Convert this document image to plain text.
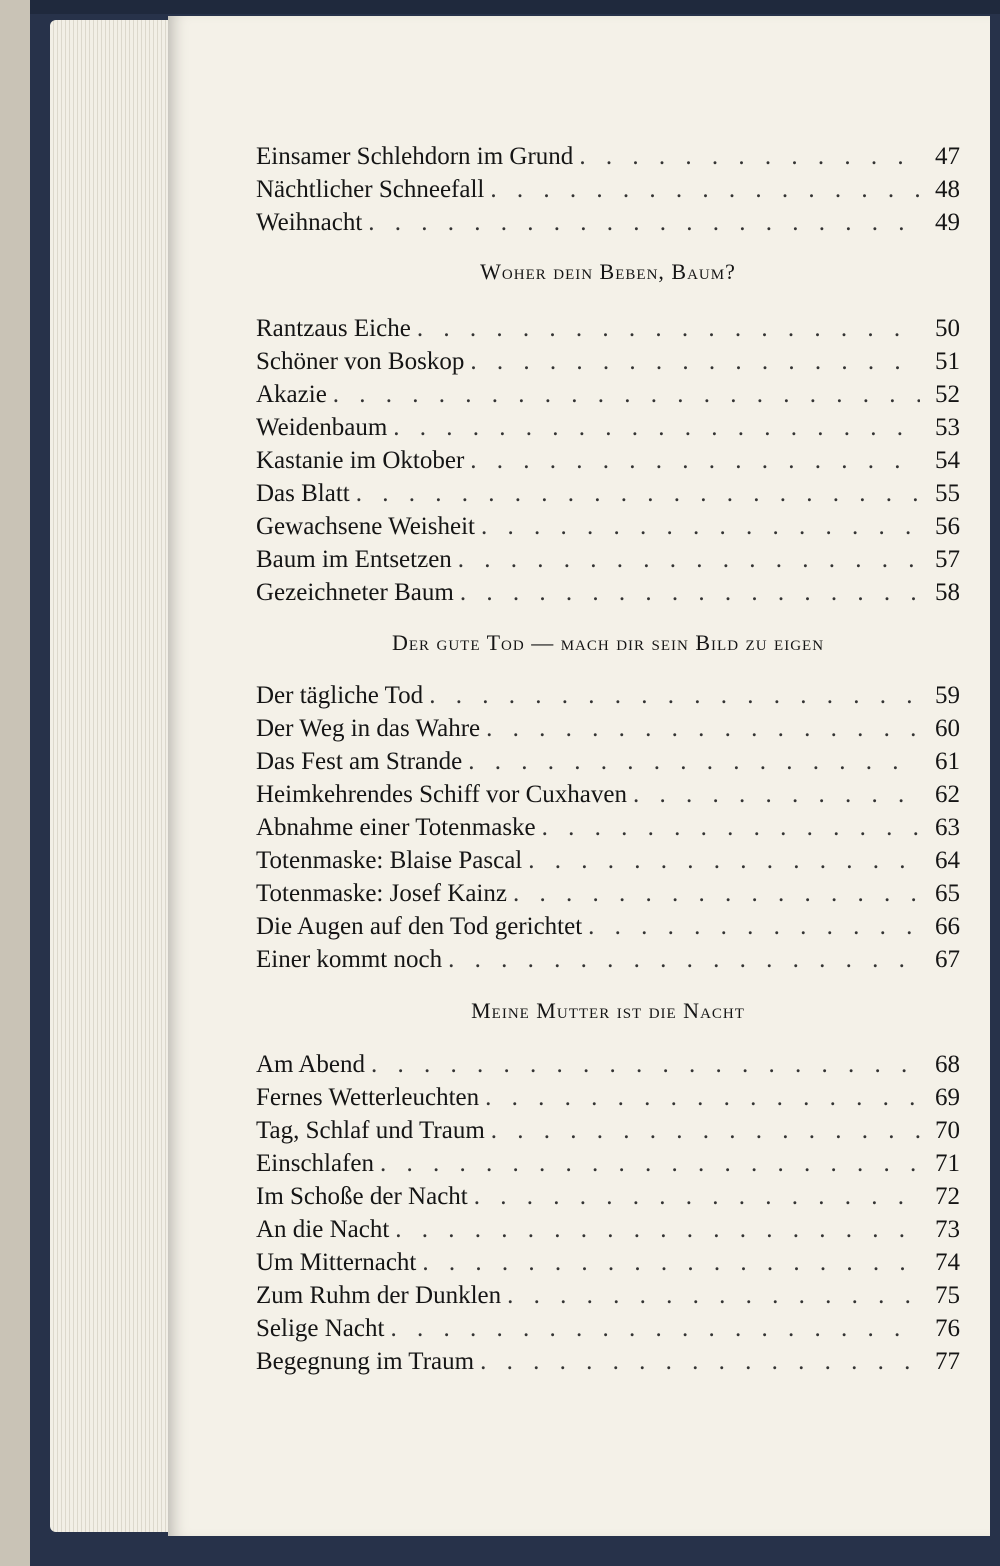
Einsamer Schlehdorn im Grund . . .	47
Nächtlicher Schneefall . . .	48
Weihnacht . . .	49
Woher dein Beben, Baum?
Rantzaus Eiche . . .	50
Schöner von Boskop . . .	51
Akazie . . .	52
Weidenbaum . . .	53
Kastanie im Oktober . . .	54
Das Blatt . . .	55
Gewachsene Weisheit . . .	56
Baum im Entsetzen . . .	57
Gezeichneter Baum . . .	58
Der gute Tod — mach dir sein Bild zu eigen
Der tägliche Tod . . .	59
Der Weg in das Wahre . . .	60
Das Fest am Strande . . .	61
Heimkehrendes Schiff vor Cuxhaven . . .	62
Abnahme einer Totenmaske . . .	63
Totenmaske: Blaise Pascal . . .	64
Totenmaske: Josef Kainz . . .	65
Die Augen auf den Tod gerichtet . . .	66
Einer kommt noch . . .	67
Meine Mutter ist die Nacht
Am Abend . . .	68
Fernes Wetterleuchten . . .	69
Tag, Schlaf und Traum . . .	70
Einschlafen . . .	71
Im Schoße der Nacht . . .	72
An die Nacht . . .	73
Um Mitternacht . . .	74
Zum Ruhm der Dunklen . . .	75
Selige Nacht . . .	76
Begegnung im Traum . . .	77
